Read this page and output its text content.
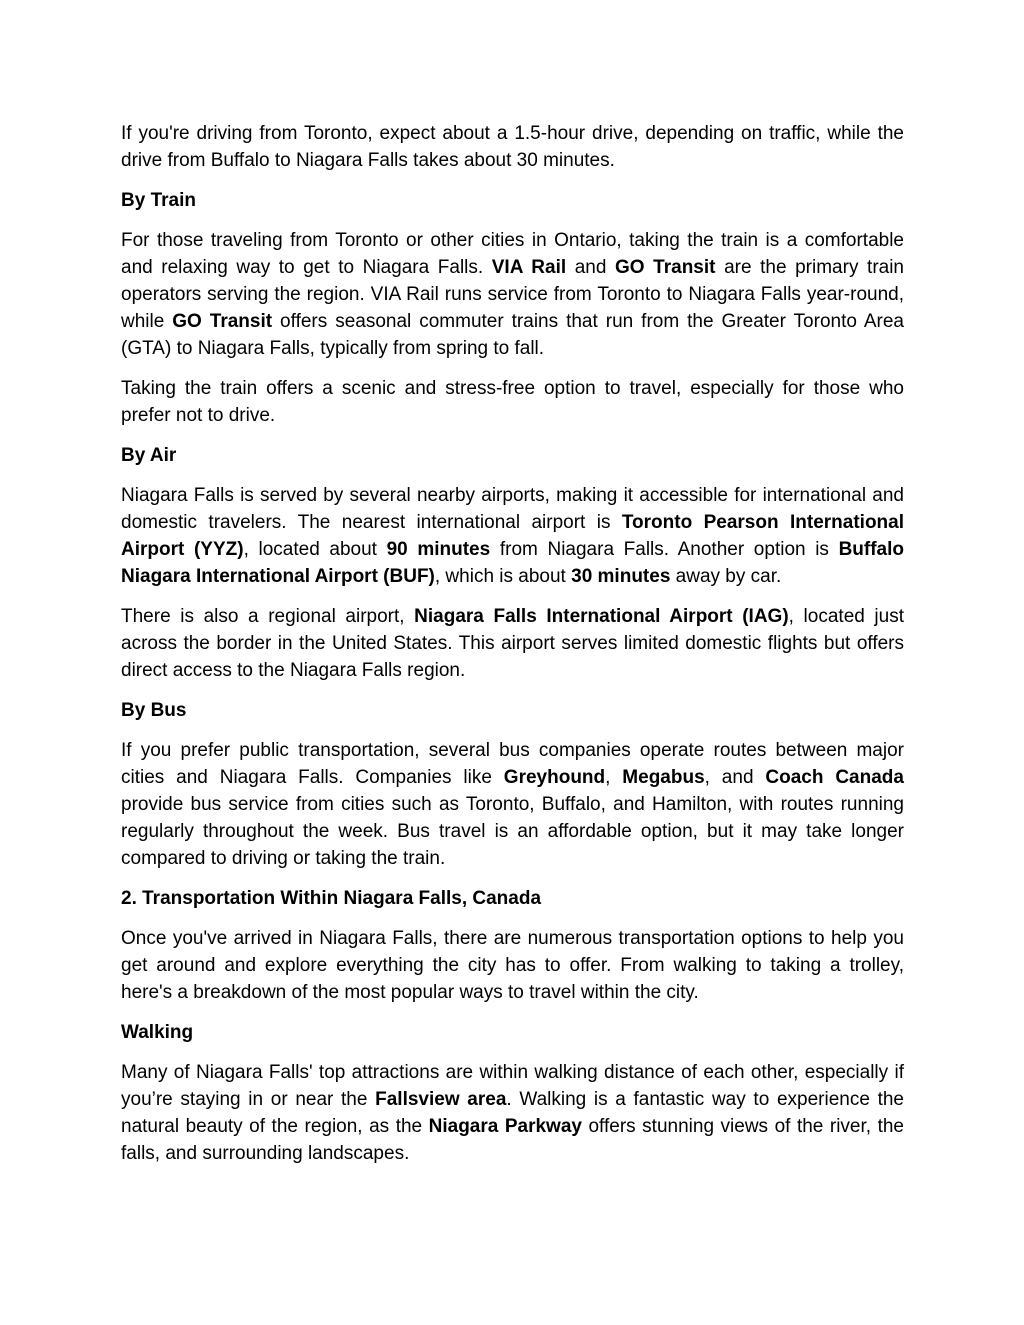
If you're driving from Toronto, expect about a 1.5-hour drive, depending on traffic, while the drive from Buffalo to Niagara Falls takes about 30 minutes.

By Train

For those traveling from Toronto or other cities in Ontario, taking the train is a comfortable and relaxing way to get to Niagara Falls. VIA Rail and GO Transit are the primary train operators serving the region. VIA Rail runs service from Toronto to Niagara Falls year-round, while GO Transit offers seasonal commuter trains that run from the Greater Toronto Area (GTA) to Niagara Falls, typically from spring to fall.

Taking the train offers a scenic and stress-free option to travel, especially for those who prefer not to drive.

By Air

Niagara Falls is served by several nearby airports, making it accessible for international and domestic travelers. The nearest international airport is Toronto Pearson International Airport (YYZ), located about 90 minutes from Niagara Falls. Another option is Buffalo Niagara International Airport (BUF), which is about 30 minutes away by car.

There is also a regional airport, Niagara Falls International Airport (IAG), located just across the border in the United States. This airport serves limited domestic flights but offers direct access to the Niagara Falls region.

By Bus

If you prefer public transportation, several bus companies operate routes between major cities and Niagara Falls. Companies like Greyhound, Megabus, and Coach Canada provide bus service from cities such as Toronto, Buffalo, and Hamilton, with routes running regularly throughout the week. Bus travel is an affordable option, but it may take longer compared to driving or taking the train.

2. Transportation Within Niagara Falls, Canada

Once you've arrived in Niagara Falls, there are numerous transportation options to help you get around and explore everything the city has to offer. From walking to taking a trolley, here's a breakdown of the most popular ways to travel within the city.

Walking

Many of Niagara Falls' top attractions are within walking distance of each other, especially if you’re staying in or near the Fallsview area. Walking is a fantastic way to experience the natural beauty of the region, as the Niagara Parkway offers stunning views of the river, the falls, and surrounding landscapes.
